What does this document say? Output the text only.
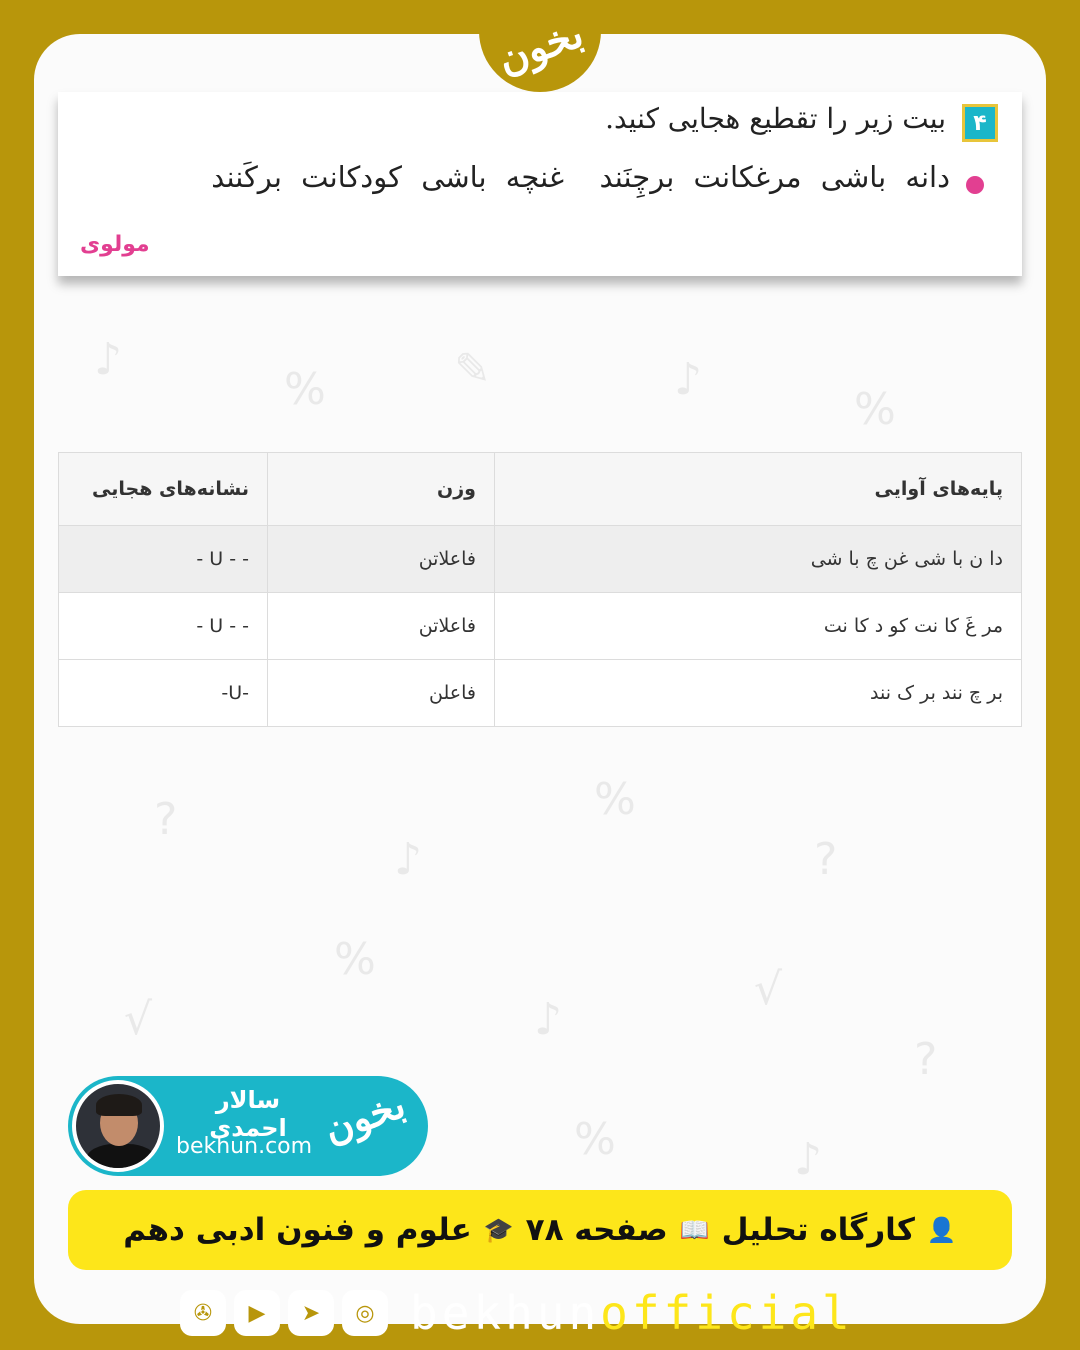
♪
%	✎	♪
%
?
♪
%
?
√
%
♪
√
?
%	♪
بخون
۴
بیت زیر را تقطیع هجایی کنید.
دانه باشی مرغکانت برچِنَند
غنچه باشی کودکانت برکَنند
مولوی
پایه‌های آوایی	وزن	نشانه‌های هجایی
دا ن با شی غن چ با شی	فاعلاتن	- U - -
مر غَ کا نت کو د کا نت	فاعلاتن	- U - -
بر چ نند بر ک نند	فاعلن	-U-
سالار احمدی
bekhun.com بخون
👤
کارگاه تحلیل
📖
صفحه ۷۸
🎓
علوم و فنون ادبی دهم
✇	▶	➤	◎ bekhunofficial
